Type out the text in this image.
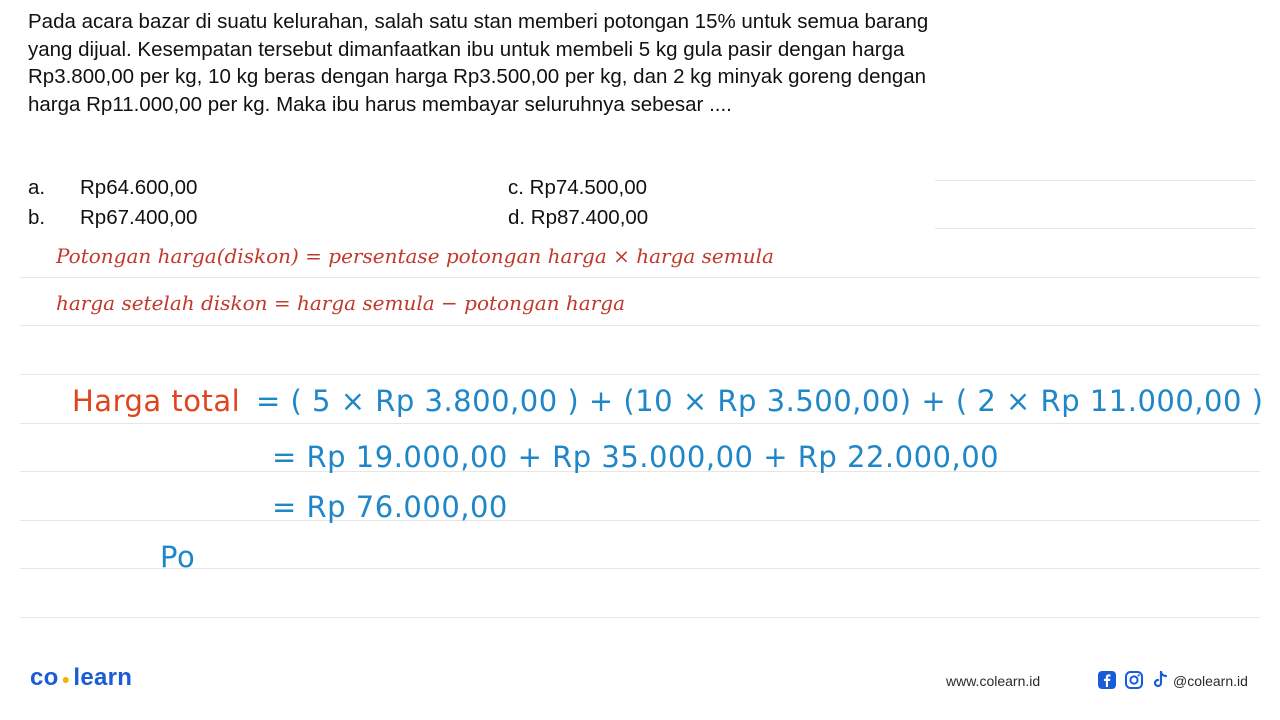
Pada acara bazar di suatu kelurahan, salah satu stan memberi potongan 15% untuk semua barang yang dijual. Kesempatan tersebut dimanfaatkan ibu untuk membeli 5 kg gula pasir dengan harga Rp3.800,00 per kg, 10 kg beras dengan harga Rp3.500,00 per kg, dan 2 kg minyak goreng dengan harga Rp11.000,00 per kg. Maka ibu harus membayar seluruhnya sebesar ....
a. Rp64.600,00
b. Rp67.400,00
c. Rp74.500,00
d. Rp87.400,00
Potongan harga(diskon) = persentase potongan harga × harga semula
harga setelah diskon = harga semula − potongan harga
Harga total = ( 5 × Rp 3.800,00 ) + (10 × Rp 3.500,00) + ( 2 × Rp 11.000,00 )
= Rp 19.000,00 + Rp 35.000,00 + Rp 22.000,00
= Rp 76.000,00
Po
co ● learn	www.colearn.id	@colearn.id
